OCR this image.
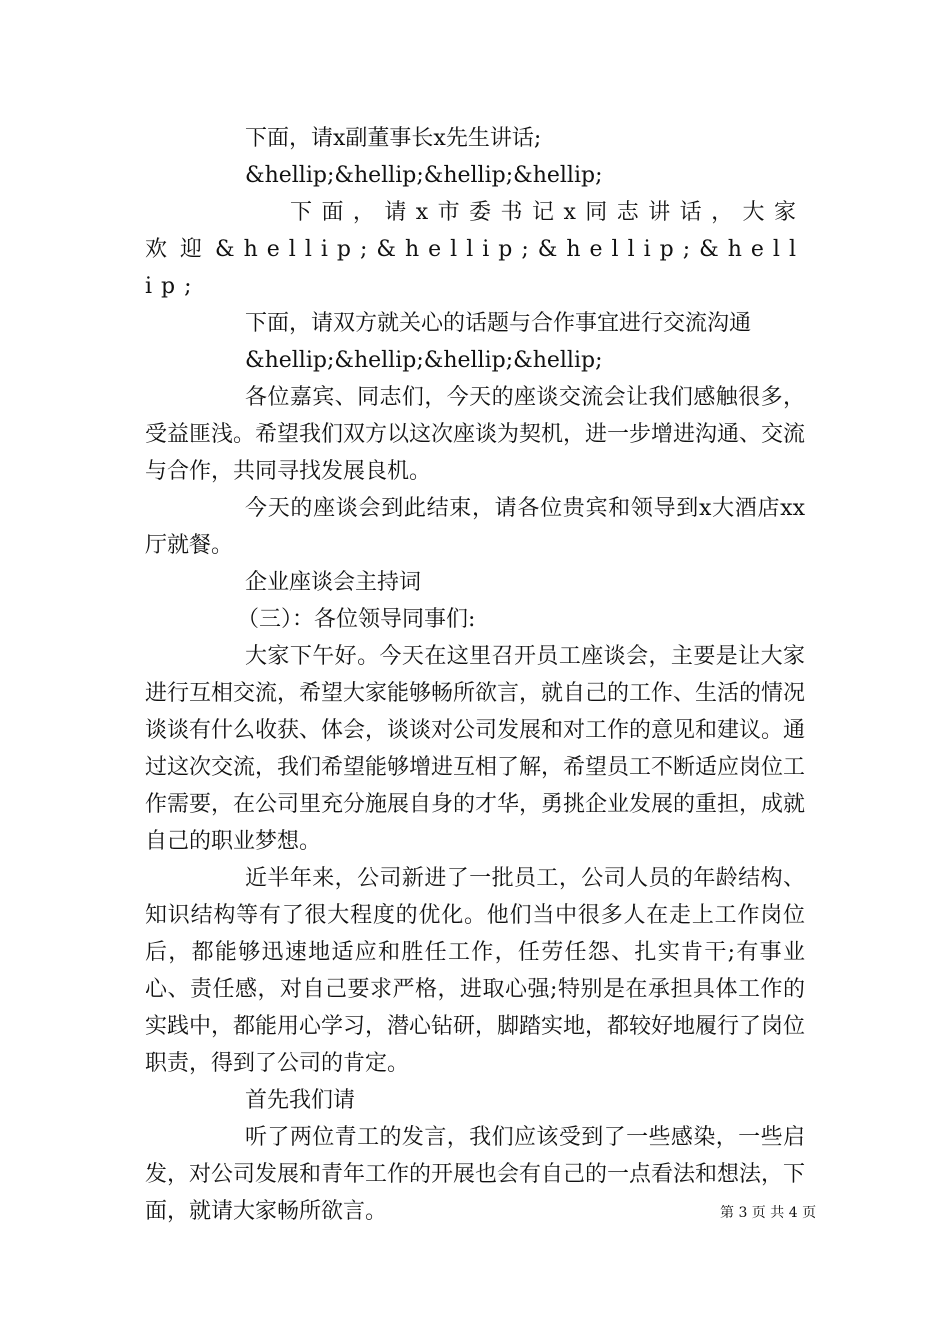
下面，请x副董事长x先生讲话;

&hellip;&hellip;&hellip;&hellip;

下面，请x市委书记x同志讲话，大家欢迎&hellip;&hellip;&hellip;&hellip;

下面，请双方就关心的话题与合作事宜进行交流沟通

&hellip;&hellip;&hellip;&hellip;

各位嘉宾、同志们，今天的座谈交流会让我们感触很多，受益匪浅。希望我们双方以这次座谈为契机，进一步增进沟通、交流与合作，共同寻找发展良机。

今天的座谈会到此结束，请各位贵宾和领导到x大酒店xx厅就餐。

企业座谈会主持词

（三）：各位领导同事们:

大家下午好。今天在这里召开员工座谈会，主要是让大家进行互相交流，希望大家能够畅所欲言，就自己的工作、生活的情况谈谈有什么收获、体会，谈谈对公司发展和对工作的意见和建议。通过这次交流，我们希望能够增进互相了解，希望员工不断适应岗位工作需要，在公司里充分施展自身的才华，勇挑企业发展的重担，成就自己的职业梦想。

近半年来，公司新进了一批员工，公司人员的年龄结构、知识结构等有了很大程度的优化。他们当中很多人在走上工作岗位后，都能够迅速地适应和胜任工作，任劳任怨、扎实肯干;有事业心、责任感，对自己要求严格，进取心强;特别是在承担具体工作的实践中，都能用心学习，潜心钻研，脚踏实地，都较好地履行了岗位职责，得到了公司的肯定。

首先我们请

听了两位青工的发言，我们应该受到了一些感染，一些启发，对公司发展和青年工作的开展也会有自己的一点看法和想法，下面，就请大家畅所欲言。	第 3 页 共 4 页
